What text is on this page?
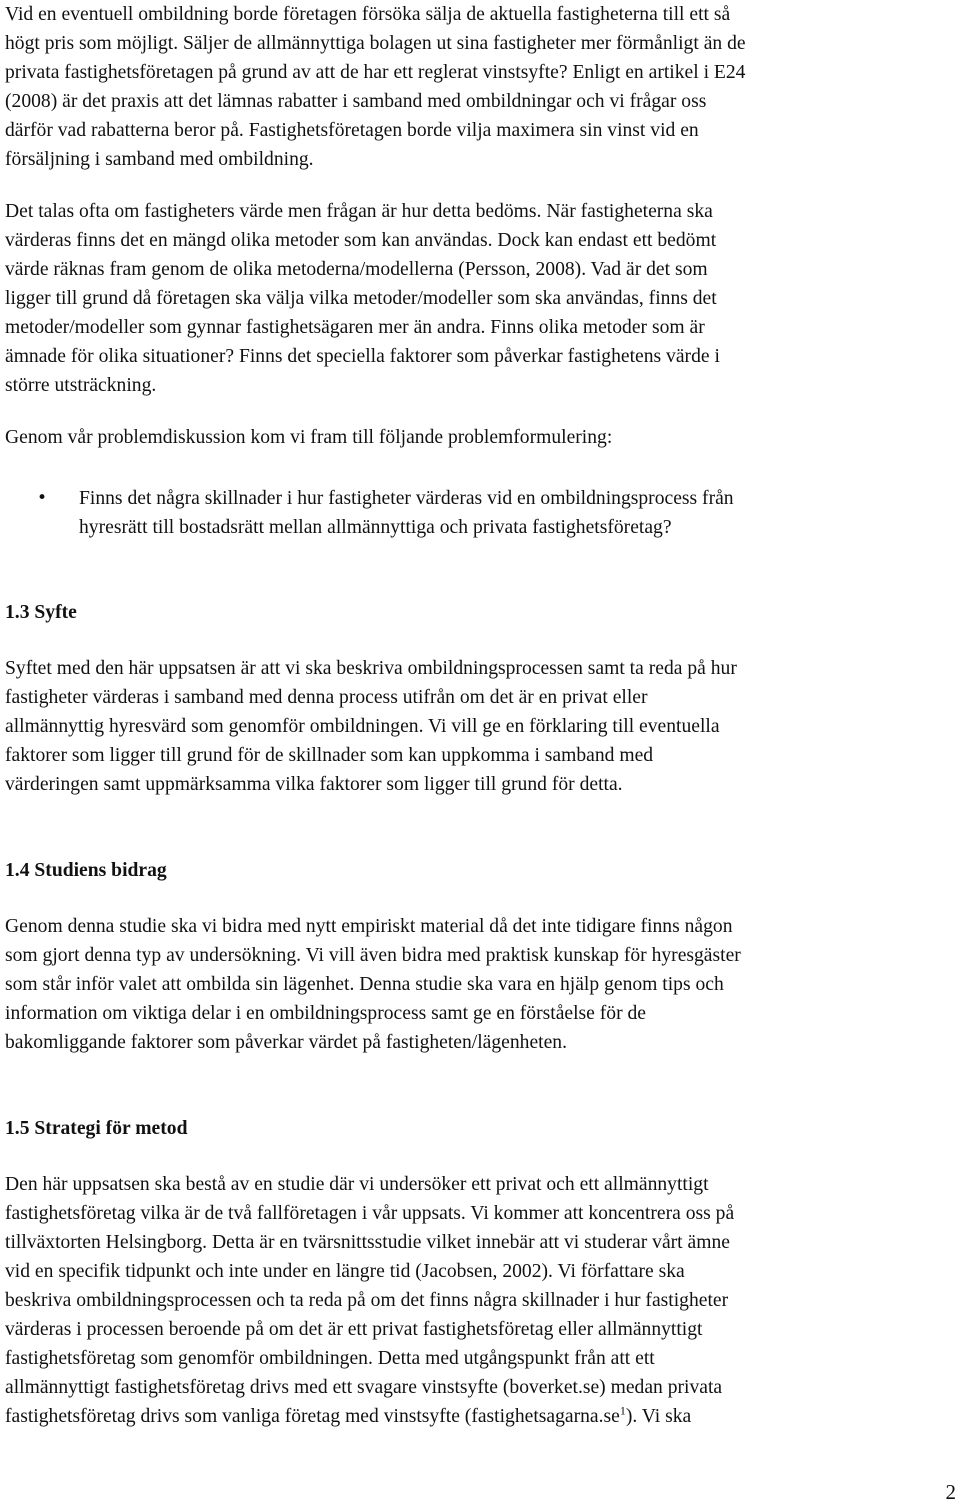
Vid en eventuell ombildning borde företagen försöka sälja de aktuella fastigheterna till ett så
högt pris som möjligt. Säljer de allmännyttiga bolagen ut sina fastigheter mer förmånligt än de
privata fastighetsföretagen på grund av att de har ett reglerat vinstsyfte? Enligt en artikel i E24
(2008) är det praxis att det lämnas rabatter i samband med ombildningar och vi frågar oss
därför vad rabatterna beror på. Fastighetsföretagen borde vilja maximera sin vinst vid en
försäljning i samband med ombildning.

Det talas ofta om fastigheters värde men frågan är hur detta bedöms. När fastigheterna ska
värderas finns det en mängd olika metoder som kan användas. Dock kan endast ett bedömt
värde räknas fram genom de olika metoderna/modellerna (Persson, 2008). Vad är det som
ligger till grund då företagen ska välja vilka metoder/modeller som ska användas, finns det
metoder/modeller som gynnar fastighetsägaren mer än andra. Finns olika metoder som är
ämnade för olika situationer? Finns det speciella faktorer som påverkar fastighetens värde i
större utsträckning.

Genom vår problemdiskussion kom vi fram till följande problemformulering:

•	Finns det några skillnader i hur fastigheter värderas vid en ombildningsprocess från
hyresrätt till bostadsrätt mellan allmännyttiga och privata fastighetsföretag?
1.3 Syfte

Syftet med den här uppsatsen är att vi ska beskriva ombildningsprocessen samt ta reda på hur
fastigheter värderas i samband med denna process utifrån om det är en privat eller
allmännyttig hyresvärd som genomför ombildningen. Vi vill ge en förklaring till eventuella
faktorer som ligger till grund för de skillnader som kan uppkomma i samband med
värderingen samt uppmärksamma vilka faktorer som ligger till grund för detta.

1.4 Studiens bidrag

Genom denna studie ska vi bidra med nytt empiriskt material då det inte tidigare finns någon
som gjort denna typ av undersökning. Vi vill även bidra med praktisk kunskap för hyresgäster
som står inför valet att ombilda sin lägenhet. Denna studie ska vara en hjälp genom tips och
information om viktiga delar i en ombildningsprocess samt ge en förståelse för de
bakomliggande faktorer som påverkar värdet på fastigheten/lägenheten.

1.5 Strategi för metod

Den här uppsatsen ska bestå av en studie där vi undersöker ett privat och ett allmännyttigt
fastighetsföretag vilka är de två fallföretagen i vår uppsats. Vi kommer att koncentrera oss på
tillväxtorten Helsingborg. Detta är en tvärsnittsstudie vilket innebär att vi studerar vårt ämne
vid en specifik tidpunkt och inte under en längre tid (Jacobsen, 2002). Vi författare ska
beskriva ombildningsprocessen och ta reda på om det finns några skillnader i hur fastigheter
värderas i processen beroende på om det är ett privat fastighetsföretag eller allmännyttigt
fastighetsföretag som genomför ombildningen. Detta med utgångspunkt från att ett
allmännyttigt fastighetsföretag drivs med ett svagare vinstsyfte (boverket.se) medan privata
fastighetsföretag drivs som vanliga företag med vinstsyfte $(fastighetsagarna.se^1)$. Vi ska

2
